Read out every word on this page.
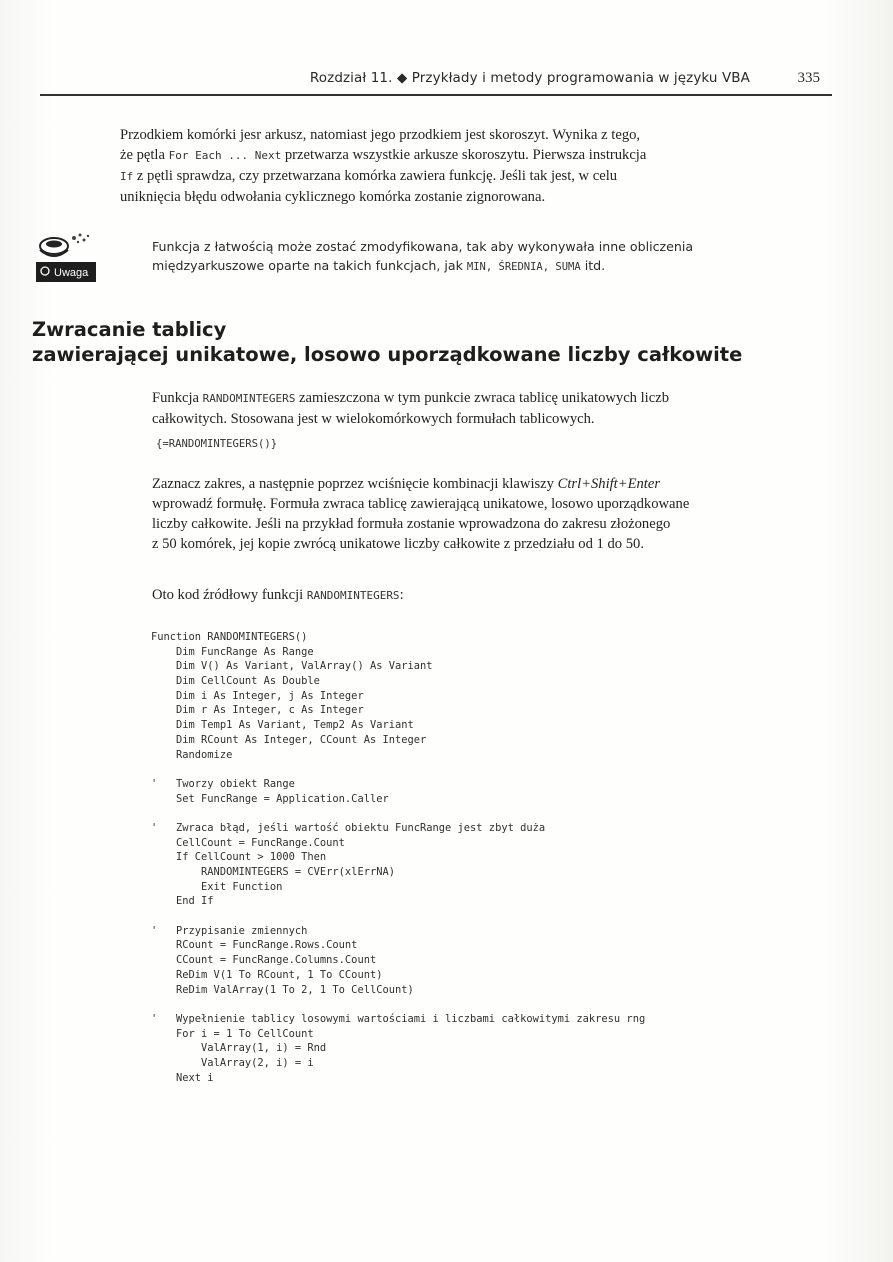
Rozdział 11. ◆ Przykłady i metody programowania w języku VBA	335
Przodkiem komórki jesr arkusz, natomiast jego przodkiem jest skoroszyt. Wynika z tego,
że pętla For Each ... Next przetwarza wszystkie arkusze skoroszytu. Pierwsza instrukcja
If z pętli sprawdza, czy przetwarzana komórka zawiera funkcję. Jeśli tak jest, w celu
uniknięcia błędu odwołania cyklicznego komórka zostanie zignorowana.
Uwaga
Funkcja z łatwością może zostać zmodyfikowana, tak aby wykonywała inne obliczenia
międzyarkuszowe oparte na takich funkcjach, jak MIN, ŚREDNIA, SUMA itd.
Zwracanie tablicy
zawierającej unikatowe, losowo uporządkowane liczby całkowite
Funkcja RANDOMINTEGERS zamieszczona w tym punkcie zwraca tablicę unikatowych liczb
całkowitych. Stosowana jest w wielokomórkowych formułach tablicowych.
{=RANDOMINTEGERS()}
Zaznacz zakres, a następnie poprzez wciśnięcie kombinacji klawiszy Ctrl+Shift+Enter
wprowadź formułę. Formuła zwraca tablicę zawierającą unikatowe, losowo uporządkowane
liczby całkowite. Jeśli na przykład formuła zostanie wprowadzona do zakresu złożonego
z 50 komórek, jej kopie zwrócą unikatowe liczby całkowite z przedziału od 1 do 50.
Oto kod źródłowy funkcji RANDOMINTEGERS:
Function RANDOMINTEGERS()
Dim FuncRange As Range
Dim V() As Variant, ValArray() As Variant
Dim CellCount As Double
Dim i As Integer, j As Integer
Dim r As Integer, c As Integer
Dim Temp1 As Variant, Temp2 As Variant
Dim RCount As Integer, CCount As Integer
Randomize
'   Tworzy obiekt Range
Set FuncRange = Application.Caller
'   Zwraca błąd, jeśli wartość obiektu FuncRange jest zbyt duża
CellCount = FuncRange.Count
If CellCount > 1000 Then
RANDOMINTEGERS = CVErr(xlErrNA)
Exit Function
End If
'   Przypisanie zmiennych
RCount = FuncRange.Rows.Count
CCount = FuncRange.Columns.Count
ReDim V(1 To RCount, 1 To CCount)
ReDim ValArray(1 To 2, 1 To CellCount)
'   Wypełnienie tablicy losowymi wartościami i liczbami całkowitymi zakresu rng
For i = 1 To CellCount
ValArray(1, i) = Rnd
ValArray(2, i) = i
Next i
